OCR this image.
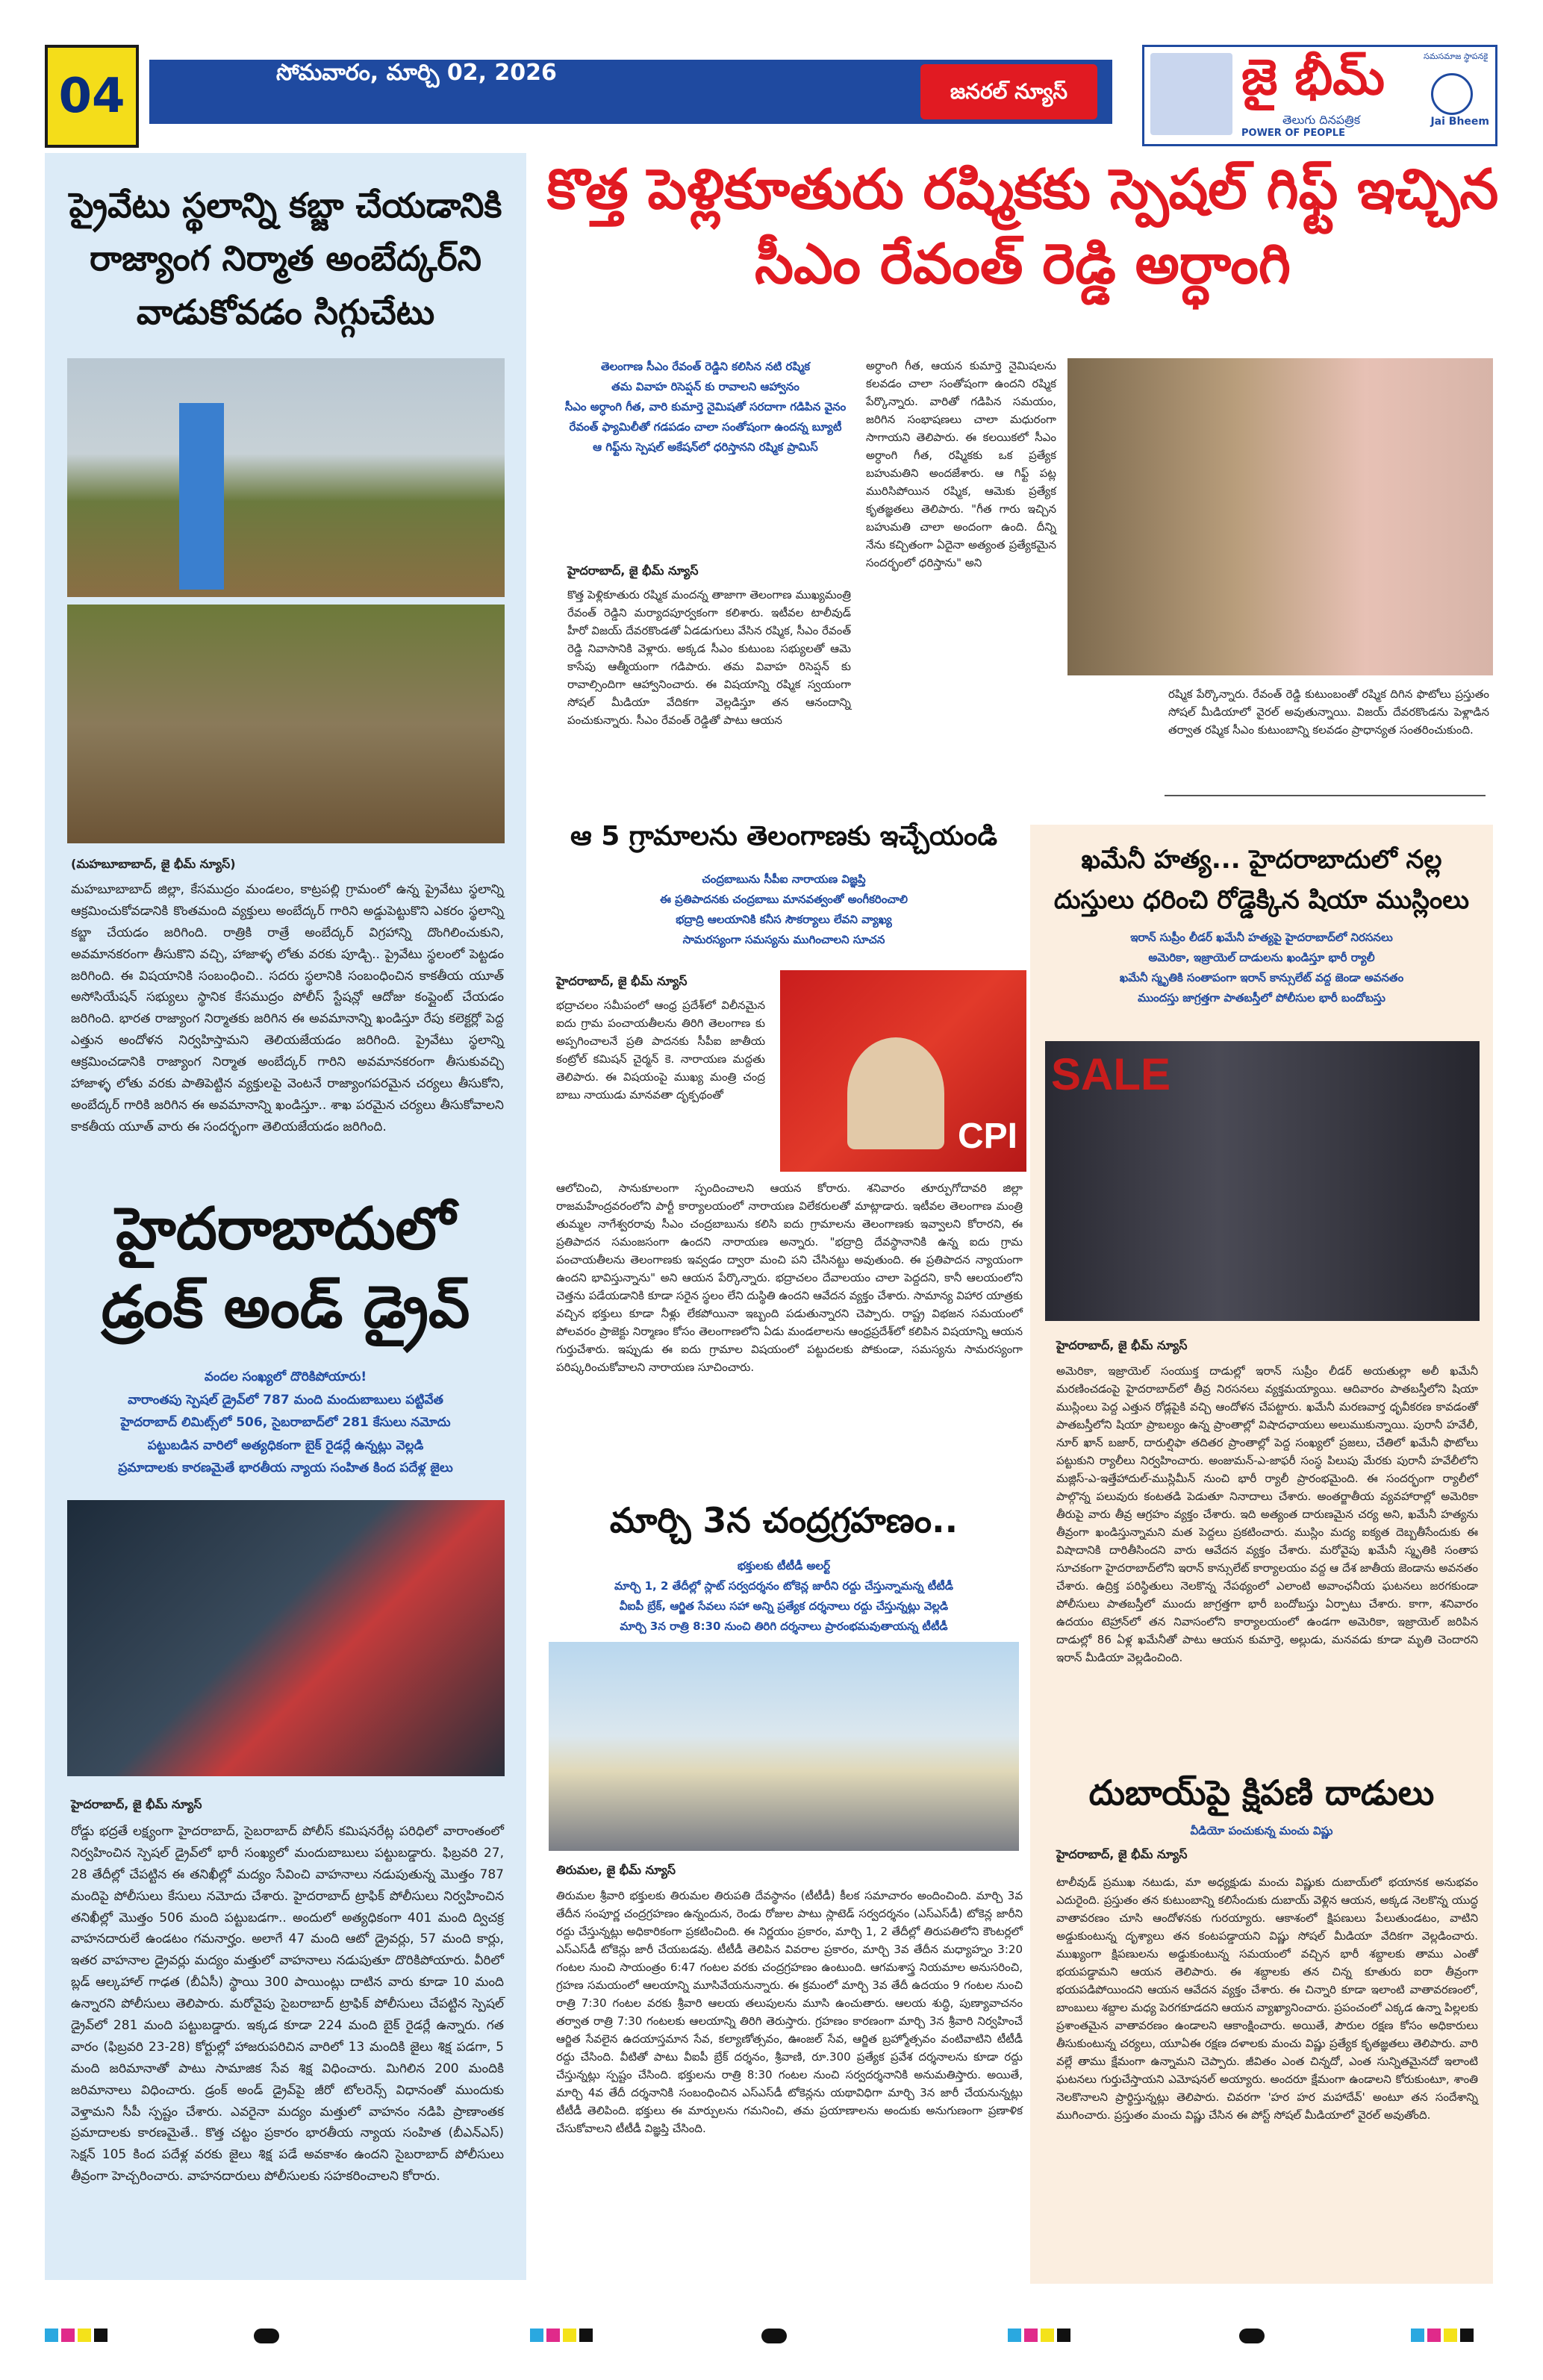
04	సోమవారం, మార్చి 02, 2026
జనరల్ న్యూస్	జై భీమ్
తెలుగు దినపత్రిక
POWER OF PEOPLE
సమసమాజ స్థాపనకై
Jai Bheem
ప్రైవేటు స్థలాన్ని కబ్జా చేయడానికి రాజ్యాంగ నిర్మాత అంబేద్కర్‌ని వాడుకోవడం సిగ్గుచేటు
(మహబూబాబాద్, జై భీమ్ న్యూస్)
మహబూబాబాద్ జిల్లా, కేసముద్రం మండలం, కాట్రపల్లి గ్రామంలో ఉన్న ప్రైవేటు స్థలాన్ని ఆక్రమించుకోవడానికి కొంతమంది వ్యక్తులు అంబేద్కర్ గారిని అడ్డుపెట్టుకొని ఎకరం స్థలాన్ని కబ్జా చేయడం జరిగింది. రాత్రికి రాత్రే అంబేద్కర్ విగ్రహాన్ని దొంగిలించుకుని, అవమానకరంగా తీసుకొని వచ్చి, హాజాళ్ళ లోతు వరకు పూడ్చి.. ప్రైవేటు స్థలంలో పెట్టడం జరిగింది. ఈ విషయానికి సంబంధించి.. సదరు స్థలానికి సంబంధించిన కాకతీయ యూత్ అసోసియేషన్ సభ్యులు స్థానిక కేసముద్రం పోలీస్ స్టేషన్లో ఆదోజు కంప్లైంట్ చేయడం జరిగింది. భారత రాజ్యాంగ నిర్మాతకు జరిగిన ఈ అవమానాన్ని ఖండిస్తూ రేపు కలెక్టర్లో పెద్ద ఎత్తున అందోళన నిర్వహిస్తామని తెలియజేయడం జరిగింది. ప్రైవేటు స్థలాన్ని ఆక్రమించడానికి రాజ్యాంగ నిర్మాత అంబేద్కర్ గారిని అవమానకరంగా తీసుకువచ్చి హాజాళ్ళ లోతు వరకు పాతిపెట్టిన వ్యక్తులపై వెంటనే రాజ్యాంగపరమైన చర్యలు తీసుకోని, అంబేద్కర్ గారికి జరిగిన ఈ అవమానాన్ని ఖండిస్తూ.. శాఖ పరమైన చర్యలు తీసుకోవాలని కాకతీయ యూత్ వారు ఈ సందర్భంగా తెలియజేయడం జరిగింది.
హైదరాబాదులో డ్రంక్ అండ్ డ్రైవ్
వందల సంఖ్యలో దొరికిపోయారు!
వారాంతపు స్పెషల్ డ్రైవ్‌లో 787 మంది మందుబాబులు పట్టివేత
హైదరాబాద్ లిమిట్స్‌లో 506, సైబరాబాద్‌లో 281 కేసులు నమోదు
పట్టుబడిన వారిలో అత్యధికంగా బైక్ రైడర్లే ఉన్నట్లు వెల్లడి
ప్రమాదాలకు కారణమైతే భారతీయ న్యాయ సంహిత కింద పదేళ్ల జైలు
హైదరాబాద్, జై భీమ్ న్యూస్
రోడ్డు భద్రతే లక్ష్యంగా హైదరాబాద్, సైబరాబాద్ పోలీస్ కమిషనరేట్ల పరిధిలో వారాంతంలో నిర్వహించిన స్పెషల్ డ్రైవ్‌లో భారీ సంఖ్యలో మందుబాబులు పట్టుబడ్డారు. ఫిబ్రవరి 27, 28 తేదీల్లో చేపట్టిన ఈ తనిఖీల్లో మద్యం సేవించి వాహనాలు నడుపుతున్న మొత్తం 787 మందిపై పోలీసులు కేసులు నమోదు చేశారు. హైదరాబాద్ ట్రాఫిక్ పోలీసులు నిర్వహించిన తనిఖీల్లో మొత్తం 506 మంది పట్టుబడగా.. అందులో అత్యధికంగా 401 మంది ద్విచక్ర వాహనదారులే ఉండటం గమనార్హం. అలాగే 47 మంది ఆటో డ్రైవర్లు, 57 మంది కార్లు, ఇతర వాహనాల డ్రైవర్లు మద్యం మత్తులో వాహనాలు నడుపుతూ దొరికిపోయారు. వీరిలో బ్లడ్ ఆల్కహాల్ గాఢత (బీఏసీ) స్థాయి 300 పాయింట్లు దాటిన వారు కూడా 10 మంది ఉన్నారని పోలీసులు తెలిపారు. మరోవైపు సైబరాబాద్ ట్రాఫిక్ పోలీసులు చేపట్టిన స్పెషల్ డ్రైవ్‌లో 281 మంది పట్టుబడ్డారు. ఇక్కడ కూడా 224 మంది బైక్ రైడర్లే ఉన్నారు. గత వారం (ఫిబ్రవరి 23-28) కోర్టుల్లో హాజరుపరిచిన వారిలో 13 మందికి జైలు శిక్ష పడగా, 5 మంది జరిమానాతో పాటు సామాజిక సేవ శిక్ష విధించారు. మిగిలిన 200 మందికి జరిమానాలు విధించారు. డ్రంక్ అండ్ డ్రైవ్‌పై జీరో టోలరెన్స్ విధానంతో ముందుకు వెళ్తామని సీపీ స్పష్టం చేశారు. ఎవరైనా మద్యం మత్తులో వాహనం నడిపి ప్రాణాంతక ప్రమాదాలకు కారణమైతే.. కొత్త చట్టం ప్రకారం భారతీయ న్యాయ సంహిత (బీఎన్ఎస్) సెక్షన్ 105 కింద పదేళ్ల వరకు జైలు శిక్ష పడే అవకాశం ఉందని సైబరాబాద్ పోలీసులు తీవ్రంగా హెచ్చరించారు. వాహనదారులు పోలీసులకు సహకరించాలని కోరారు.
కొత్త పెళ్లికూతురు రష్మికకు స్పెషల్ గిఫ్ట్ ఇచ్చిన సీఎం రేవంత్ రెడ్డి అర్ధాంగి
తెలంగాణ సీఎం రేవంత్ రెడ్డిని కలిసిన నటి రష్మిక
తమ వివాహ రిసెప్షన్ కు రావాలని ఆహ్వానం
సీఎం అర్ధాంగి గీత, వారి కుమార్తె నైమిషతో సరదాగా గడిపిన వైనం
రేవంత్ ఫ్యామిలీతో గడపడం చాలా సంతోషంగా ఉందన్న బ్యూటీ
ఆ గిఫ్ట్‌ను స్పెషల్ అకేషన్‌లో ధరిస్తానని రష్మిక ప్రామిస్
హైదరాబాద్, జై భీమ్ న్యూస్
కొత్త పెళ్లికూతురు రష్మిక మందన్న తాజాగా తెలంగాణ ముఖ్యమంత్రి రేవంత్ రెడ్డిని మర్యాదపూర్వకంగా కలిశారు. ఇటీవల టాలీవుడ్ హీరో విజయ్ దేవరకొండతో ఏడడుగులు వేసిన రష్మిక, సీఎం రేవంత్ రెడ్డి నివాసానికి వెళ్లారు. అక్కడ సీఎం కుటుంబ సభ్యులతో ఆమె కాసేపు ఆత్మీయంగా గడిపారు. తమ వివాహ రిసెప్షన్ కు రావాల్సిందిగా ఆహ్వానించారు. ఈ విషయాన్ని రష్మిక స్వయంగా సోషల్ మీడియా వేదికగా వెల్లడిస్తూ తన ఆనందాన్ని పంచుకున్నారు. సీఎం రేవంత్ రెడ్డితో పాటు ఆయన
అర్ధాంగి గీత, ఆయన కుమార్తె నైమిషలను కలవడం చాలా సంతోషంగా ఉందని రష్మిక పేర్కొన్నారు. వారితో గడిపిన సమయం, జరిగిన సంభాషణలు చాలా మధురంగా సాగాయని తెలిపారు. ఈ కలయికలో సీఎం అర్ధాంగి గీత, రష్మికకు ఒక ప్రత్యేక బహుమతిని అందజేశారు. ఆ గిఫ్ట్ పట్ల మురిసిపోయిన రష్మిక, ఆమెకు ప్రత్యేక కృతజ్ఞతలు తెలిపారు. "గీత గారు ఇచ్చిన బహుమతి చాలా అందంగా ఉంది. దీన్ని నేను కచ్చితంగా ఏదైనా అత్యంత ప్రత్యేకమైన సందర్భంలో ధరిస్తాను" అని
రష్మిక పేర్కొన్నారు. రేవంత్ రెడ్డి కుటుంబంతో రష్మిక దిగిన ఫొటోలు ప్రస్తుతం సోషల్ మీడియాలో వైరల్ అవుతున్నాయి. విజయ్ దేవరకొండను పెళ్లాడిన తర్వాత రష్మిక సీఎం కుటుంబాన్ని కలవడం ప్రాధాన్యత సంతరించుకుంది.
ఆ 5 గ్రామాలను తెలంగాణకు ఇచ్చేయండి
చంద్రబాబును సీపీఐ నారాయణ విజ్ఞప్తి
ఈ ప్రతిపాదనకు చంద్రబాబు మానవత్వంతో అంగీకరించాలి
భద్రాద్రి ఆలయానికి కనీస సౌకర్యాలు లేవని వ్యాఖ్య
సామరస్యంగా సమస్యను ముగించాలని సూచన
హైదరాబాద్, జై భీమ్ న్యూస్
భద్రాచలం సమీపంలో ఆంధ్ర ప్రదేశ్‌లో విలీనమైన ఐదు గ్రామ పంచాయతీలను తిరిగి తెలంగాణ కు అప్పగించాలనే ప్రతి పాదనకు సీపీఐ జాతీయ కంట్రోల్ కమిషన్ చైర్మన్ కె. నారాయణ మద్దతు తెలిపారు. ఈ విషయంపై ముఖ్య మంత్రి చంద్ర బాబు నాయుడు మానవతా దృక్పథంతో
CPI
ఆలోచించి, సానుకూలంగా స్పందించాలని ఆయన కోరారు. శనివారం తూర్పుగోదావరి జిల్లా రాజమహేంద్రవరంలోని పార్టీ కార్యాలయంలో నారాయణ విలేకరులతో మాట్లాడారు. ఇటీవల తెలంగాణ మంత్రి తుమ్మల నాగేశ్వరరావు సీఎం చంద్రబాబును కలిసి ఐదు గ్రామాలను తెలంగాణకు ఇవ్వాలని కోరారని, ఈ ప్రతిపాదన సమంజసంగా ఉందని నారాయణ అన్నారు. "భద్రాద్రి దేవస్థానానికి ఉన్న ఐదు గ్రామ పంచాయతీలను తెలంగాణకు ఇవ్వడం ద్వారా మంచి పని చేసినట్టు అవుతుంది. ఈ ప్రతిపాదన న్యాయంగా ఉందని భావిస్తున్నాను" అని ఆయన పేర్కొన్నారు. భద్రాచలం దేవాలయం చాలా పెద్దదని, కానీ ఆలయంలోని చెత్తను పడేయడానికి కూడా సరైన స్థలం లేని దుస్థితి ఉందని ఆవేదన వ్యక్తం చేశారు. సామాన్య విహార యాత్రకు వచ్చిన భక్తులు కూడా నీళ్లు లేకపోయినా ఇబ్బంది పడుతున్నారని చెప్పారు. రాష్ట్ర విభజన సమయంలో పోలవరం ప్రాజెక్టు నిర్మాణం కోసం తెలంగాణలోని ఏడు మండలాలను ఆంధ్రప్రదేశ్‌లో కలిపిన విషయాన్ని ఆయన గుర్తుచేశారు. ఇప్పుడు ఈ ఐదు గ్రామాల విషయంలో పట్టుదలకు పోకుండా, సమస్యను సామరస్యంగా పరిష్కరించుకోవాలని నారాయణ సూచించారు.
మార్చి 3న చంద్రగ్రహణం..
భక్తులకు టీటీడీ అలర్ట్
మార్చి 1, 2 తేదీల్లో స్లాట్ సర్వదర్శనం టోకెన్ల జారీని రద్దు చేస్తున్నామన్న టీటీడీ
వీఐపీ బ్రేక్, ఆర్జిత సేవలు సహా అన్ని ప్రత్యేక దర్శనాలు రద్దు చేస్తున్నట్లు వెల్లడి
మార్చి 3న రాత్రి 8:30 నుంచి తిరిగి దర్శనాలు ప్రారంభమవుతాయన్న టీటీడీ
తిరుమల, జై భీమ్ న్యూస్
తిరుమల శ్రీవారి భక్తులకు తిరుమల తిరుపతి దేవస్థానం (టీటీడీ) కీలక సమాచారం అందించింది. మార్చి 3వ తేదీన సంపూర్ణ చంద్రగ్రహణం ఉన్నందున, రెండు రోజుల పాటు స్లాటెడ్ సర్వదర్శనం (ఎస్ఎస్‌డీ) టోకెన్ల జారీని రద్దు చేస్తున్నట్లు అధికారికంగా ప్రకటించింది. ఈ నిర్ణయం ప్రకారం, మార్చి 1, 2 తేదీల్లో తిరుపతిలోని కౌంటర్లలో ఎస్ఎస్‌డీ టోకెన్లు జారీ చేయబడవు. టీటీడీ తెలిపిన వివరాల ప్రకారం, మార్చి 3వ తేదీన మధ్యాహ్నం 3:20 గంటల నుంచి సాయంత్రం 6:47 గంటల వరకు చంద్రగ్రహణం ఉంటుంది. ఆగమశాస్త్ర నియమాల అనుసరించి, గ్రహణ సమయంలో ఆలయాన్ని మూసివేయనున్నారు. ఈ క్రమంలో మార్చి 3వ తేదీ ఉదయం 9 గంటల నుంచి రాత్రి 7:30 గంటల వరకు శ్రీవారి ఆలయ తలుపులను మూసి ఉంచుతారు. ఆలయ శుద్ధి, పుణ్యావాచనం తర్వాత రాత్రి 7:30 గంటలకు ఆలయాన్ని తిరిగి తెరుస్తారు. గ్రహణం కారణంగా మార్చి 3న శ్రీవారి నిర్వహించే ఆర్జిత సేవలైన ఉదయాస్తమాన సేవ, కల్యాణోత్సవం, ఊంజల్ సేవ, ఆర్జిత బ్రహ్మోత్సవం వంటివాటిని టీటీడీ రద్దు చేసింది. వీటితో పాటు వీఐపీ బ్రేక్ దర్శనం, శ్రీవాణి, రూ.300 ప్రత్యేక ప్రవేశ దర్శనాలను కూడా రద్దు చేస్తున్నట్లు స్పష్టం చేసింది. భక్తులను రాత్రి 8:30 గంటల నుంచి సర్వదర్శనానికి అనుమతిస్తారు. అయితే, మార్చి 4వ తేదీ దర్శనానికి సంబంధించిన ఎస్ఎస్‌డీ టోకెన్లను యథావిధిగా మార్చి 3న జారీ చేయనున్నట్లు టీటీడీ తెలిపింది. భక్తులు ఈ మార్పులను గమనించి, తమ ప్రయాణాలను అందుకు అనుగుణంగా ప్రణాళిక చేసుకోవాలని టీటీడీ విజ్ఞప్తి చేసింది.
ఖమేనీ హత్య... హైదరాబాదులో నల్ల దుస్తులు ధరించి రోడ్డెక్కిన షియా ముస్లింలు
ఇరాన్ సుప్రీం లీడర్ ఖమేనీ హత్యపై హైదరాబాద్‌లో నిరసనలు
అమెరికా, ఇజ్రాయెల్ దాడులను ఖండిస్తూ భారీ ర్యాలీ
ఖమేనీ స్మృతికి సంతాపంగా ఇరాన్ కాన్సులేట్ వద్ద జెండా అవనతం
ముందస్తు జాగ్రత్తగా పాతబస్తీలో పోలీసుల భారీ బందోబస్తు
SALE
హైదరాబాద్, జై భీమ్ న్యూస్
అమెరికా, ఇజ్రాయెల్ సంయుక్త దాడుల్లో ఇరాన్ సుప్రీం లీడర్ అయతుల్లా అలీ ఖమేనీ మరణించడంపై హైదరాబాద్‌లో తీవ్ర నిరసనలు వ్యక్తమయ్యాయి. ఆదివారం పాతబస్తీలోని షియా ముస్లింలు పెద్ద ఎత్తున రోడ్లపైకి వచ్చి ఆందోళన చేపట్టారు. ఖమేనీ మరణవార్త ధృవీకరణ కావడంతో పాతబస్తీలోని షియా ప్రాబల్యం ఉన్న ప్రాంతాల్లో విషాదఛాయలు అలుముకున్నాయి. పురానీ హవేలీ, నూర్ ఖాన్ బజార్, దారుల్షిఫా తదితర ప్రాంతాల్లో పెద్ద సంఖ్యలో ప్రజలు, చేతిలో ఖమేనీ ఫొటోలు పట్టుకుని ర్యాలీలు నిర్వహించారు. అంజుమన్-ఎ-జాఫరీ సంస్థ పిలుపు మేరకు పురానీ హవేలీలోని మజ్లిస్-ఎ-ఇత్తేహాదుల్-ముస్లిమీన్ నుంచి భారీ ర్యాలీ ప్రారంభమైంది. ఈ సందర్భంగా ర్యాలీలో పాల్గొన్న పలువురు కంటతడి పెడుతూ నినాదాలు చేశారు. అంతర్జాతీయ వ్యవహారాల్లో అమెరికా తీరుపై వారు తీవ్ర ఆగ్రహం వ్యక్తం చేశారు. ఇది అత్యంత దారుణమైన చర్య అని, ఖమేనీ హత్యను తీవ్రంగా ఖండిస్తున్నామని మత పెద్దలు ప్రకటించారు. ముస్లిం మద్య ఐక్యత దెబ్బతీసేందుకు ఈ విషాదానికి దారితీసిందని వారు ఆవేదన వ్యక్తం చేశారు. మరోవైపు ఖమేనీ స్మృతికి సంతాప సూచకంగా హైదరాబాద్‌లోని ఇరాన్ కాన్సులేట్ కార్యాలయం వద్ద ఆ దేశ జాతీయ జెండాను అవనతం చేశారు. ఉద్రిక్త పరిస్థితులు నెలకొన్న నేపథ్యంలో ఎలాంటి అవాంఛనీయ ఘటనలు జరగకుండా పోలీసులు పాతబస్తీలో ముందు జాగ్రత్తగా భారీ బందోబస్తు ఏర్పాటు చేశారు. కాగా, శనివారం ఉదయం టెహ్రాన్‌లో తన నివాసంలోని కార్యాలయంలో ఉండగా అమెరికా, ఇజ్రాయెల్ జరిపిన దాడుల్లో 86 ఏళ్ల ఖమేనీతో పాటు ఆయన కుమార్తె, అల్లుడు, మనవడు కూడా మృతి చెందారని ఇరాన్ మీడియా వెల్లడించింది.
దుబాయ్‌పై క్షిపణి దాడులు
వీడియో పంచుకున్న మంచు విష్ణు
హైదరాబాద్, జై భీమ్ న్యూస్
టాలీవుడ్ ప్రముఖ నటుడు, మా అధ్యక్షుడు మంచు విష్ణుకు దుబాయ్‌లో భయానక అనుభవం ఎదురైంది. ప్రస్తుతం తన కుటుంబాన్ని కలిసేందుకు దుబాయ్ వెళ్లిన ఆయన, అక్కడ నెలకొన్న యుద్ధ వాతావరణం చూసి ఆందోళనకు గురయ్యారు. ఆకాశంలో క్షిపణులు పేలుతుండటం, వాటిని అడ్డుకుంటున్న దృశ్యాలు తన కంటపడ్డాయని విష్ణు సోషల్ మీడియా వేదికగా వెల్లడించారు. ముఖ్యంగా క్షిపణులను అడ్డుకుంటున్న సమయంలో వచ్చిన భారీ శబ్దాలకు తాము ఎంతో భయపడ్డామని ఆయన తెలిపారు. ఈ శబ్దాలకు తన చిన్న కూతురు ఐరా తీవ్రంగా భయపడిపోయిందని ఆయన ఆవేదన వ్యక్తం చేశారు. ఈ చిన్నారి కూడా ఇలాంటి వాతావరణంలో, బాంబులు శబ్దాల మధ్య పెరగకూడదని ఆయన వ్యాఖ్యానించారు. ప్రపంచంలో ఎక్కడ ఉన్నా పిల్లలకు ప్రశాంతమైన వాతావరణం ఉండాలని ఆకాంక్షించారు. అయితే, పౌరుల రక్షణ కోసం అధికారులు తీసుకుంటున్న చర్యలు, యూఏఈ రక్షణ దళాలకు మంచు విష్ణు ప్రత్యేక కృతజ్ఞతలు తెలిపారు. వారి వల్లే తాము క్షేమంగా ఉన్నామని చెప్పారు. జీవితం ఎంత చిన్నదో, ఎంత సున్నితమైనదో ఇలాంటి ఘటనలు గుర్తుచేస్తాయని ఎమోషనల్ అయ్యారు. అందరూ క్షేమంగా ఉండాలని కోరుకుంటూ, శాంతి నెలకొనాలని ప్రార్థిస్తున్నట్లు తెలిపారు. చివరగా 'హర హర మహాదేవ్' అంటూ తన సందేశాన్ని ముగించారు. ప్రస్తుతం మంచు విష్ణు చేసిన ఈ పోస్ట్ సోషల్ మీడియాలో వైరల్ అవుతోంది.
